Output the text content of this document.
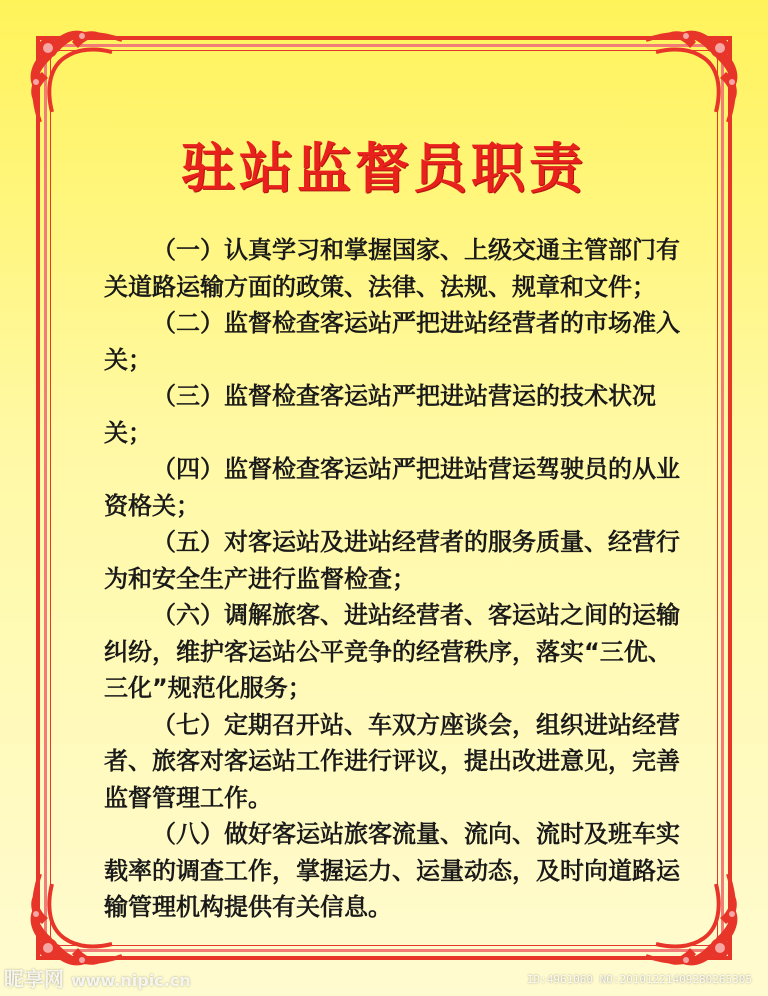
驻站监督员职责

（一）认真学习和掌握国家、上级交通主管部门有关道路运输方面的政策、法律、法规、规章和文件；

（二）监督检查客运站严把进站经营者的市场准入关；

（三）监督检查客运站严把进站营运的技术状况关；

（四）监督检查客运站严把进站营运驾驶员的从业资格关；

（五）对客运站及进站经营者的服务质量、经营行为和安全生产进行监督检查；

（六）调解旅客、进站经营者、客运站之间的运输纠纷，维护客运站公平竞争的经营秩序，落实“三优、三化”规范化服务；

（七）定期召开站、车双方座谈会，组织进站经营者、旅客对客运站工作进行评议，提出改进意见，完善监督管理工作。

（八）做好客运站旅客流量、流向、流时及班车实载率的调查工作，掌握运力、运量动态，及时向道路运输管理机构提供有关信息。

昵享网 www.nipic.cn	ID:4961060 NO:20101221409280265305
